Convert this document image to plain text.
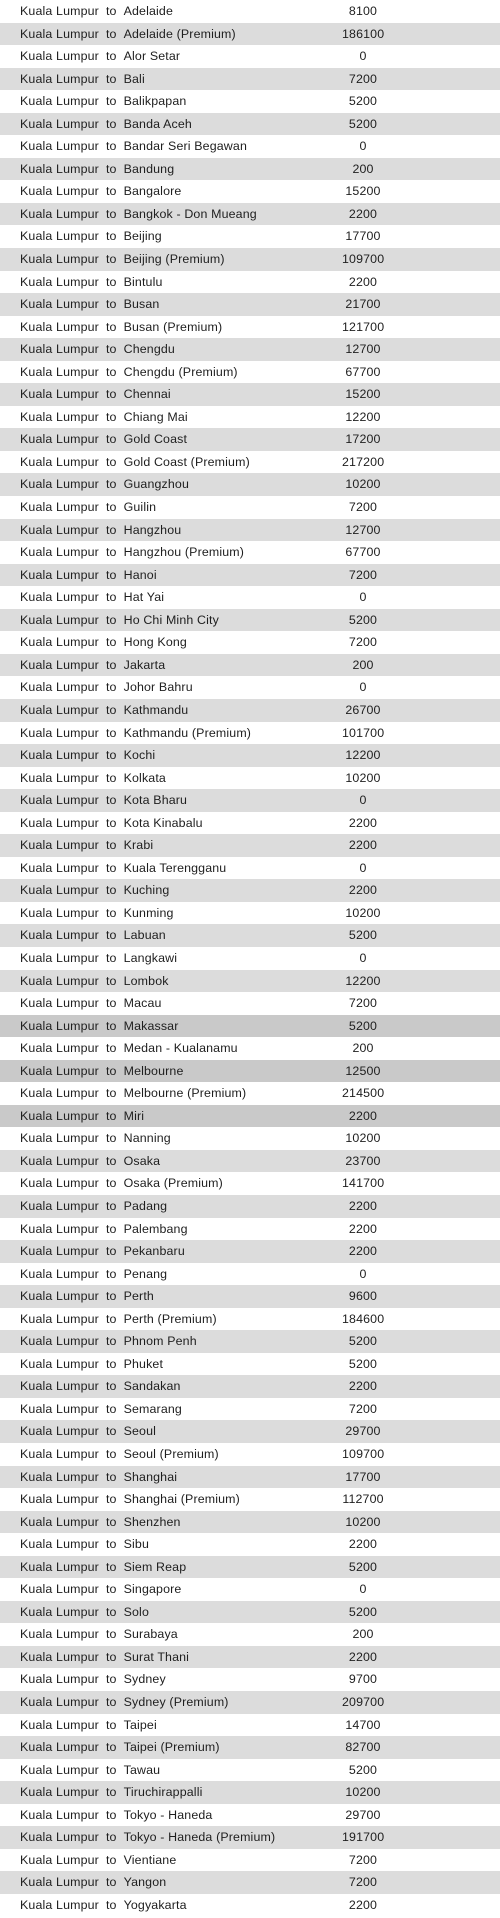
Kuala Lumpur to Adelaide	8100
Kuala Lumpur to Adelaide (Premium)	186100
Kuala Lumpur to Alor Setar	0
Kuala Lumpur to Bali	7200
Kuala Lumpur to Balikpapan	5200
Kuala Lumpur to Banda Aceh	5200
Kuala Lumpur to Bandar Seri Begawan	0
Kuala Lumpur to Bandung	200
Kuala Lumpur to Bangalore	15200
Kuala Lumpur to Bangkok - Don Mueang	2200
Kuala Lumpur to Beijing	17700
Kuala Lumpur to Beijing (Premium)	109700
Kuala Lumpur to Bintulu	2200
Kuala Lumpur to Busan	21700
Kuala Lumpur to Busan (Premium)	121700
Kuala Lumpur to Chengdu	12700
Kuala Lumpur to Chengdu (Premium)	67700
Kuala Lumpur to Chennai	15200
Kuala Lumpur to Chiang Mai	12200
Kuala Lumpur to Gold Coast	17200
Kuala Lumpur to Gold Coast (Premium)	217200
Kuala Lumpur to Guangzhou	10200
Kuala Lumpur to Guilin	7200
Kuala Lumpur to Hangzhou	12700
Kuala Lumpur to Hangzhou (Premium)	67700
Kuala Lumpur to Hanoi	7200
Kuala Lumpur to Hat Yai	0
Kuala Lumpur to Ho Chi Minh City	5200
Kuala Lumpur to Hong Kong	7200
Kuala Lumpur to Jakarta	200
Kuala Lumpur to Johor Bahru	0
Kuala Lumpur to Kathmandu	26700
Kuala Lumpur to Kathmandu (Premium)	101700
Kuala Lumpur to Kochi	12200
Kuala Lumpur to Kolkata	10200
Kuala Lumpur to Kota Bharu	0
Kuala Lumpur to Kota Kinabalu	2200
Kuala Lumpur to Krabi	2200
Kuala Lumpur to Kuala Terengganu	0
Kuala Lumpur to Kuching	2200
Kuala Lumpur to Kunming	10200
Kuala Lumpur to Labuan	5200
Kuala Lumpur to Langkawi	0
Kuala Lumpur to Lombok	12200
Kuala Lumpur to Macau	7200
Kuala Lumpur to Makassar	5200
Kuala Lumpur to Medan - Kualanamu	200
Kuala Lumpur to Melbourne	12500
Kuala Lumpur to Melbourne (Premium)	214500
Kuala Lumpur to Miri	2200
Kuala Lumpur to Nanning	10200
Kuala Lumpur to Osaka	23700
Kuala Lumpur to Osaka (Premium)	141700
Kuala Lumpur to Padang	2200
Kuala Lumpur to Palembang	2200
Kuala Lumpur to Pekanbaru	2200
Kuala Lumpur to Penang	0
Kuala Lumpur to Perth	9600
Kuala Lumpur to Perth (Premium)	184600
Kuala Lumpur to Phnom Penh	5200
Kuala Lumpur to Phuket	5200
Kuala Lumpur to Sandakan	2200
Kuala Lumpur to Semarang	7200
Kuala Lumpur to Seoul	29700
Kuala Lumpur to Seoul (Premium)	109700
Kuala Lumpur to Shanghai	17700
Kuala Lumpur to Shanghai (Premium)	112700
Kuala Lumpur to Shenzhen	10200
Kuala Lumpur to Sibu	2200
Kuala Lumpur to Siem Reap	5200
Kuala Lumpur to Singapore	0
Kuala Lumpur to Solo	5200
Kuala Lumpur to Surabaya	200
Kuala Lumpur to Surat Thani	2200
Kuala Lumpur to Sydney	9700
Kuala Lumpur to Sydney (Premium)	209700
Kuala Lumpur to Taipei	14700
Kuala Lumpur to Taipei (Premium)	82700
Kuala Lumpur to Tawau	5200
Kuala Lumpur to Tiruchirappalli	10200
Kuala Lumpur to Tokyo - Haneda	29700
Kuala Lumpur to Tokyo - Haneda (Premium)	191700
Kuala Lumpur to Vientiane	7200
Kuala Lumpur to Yangon	7200
Kuala Lumpur to Yogyakarta	2200
